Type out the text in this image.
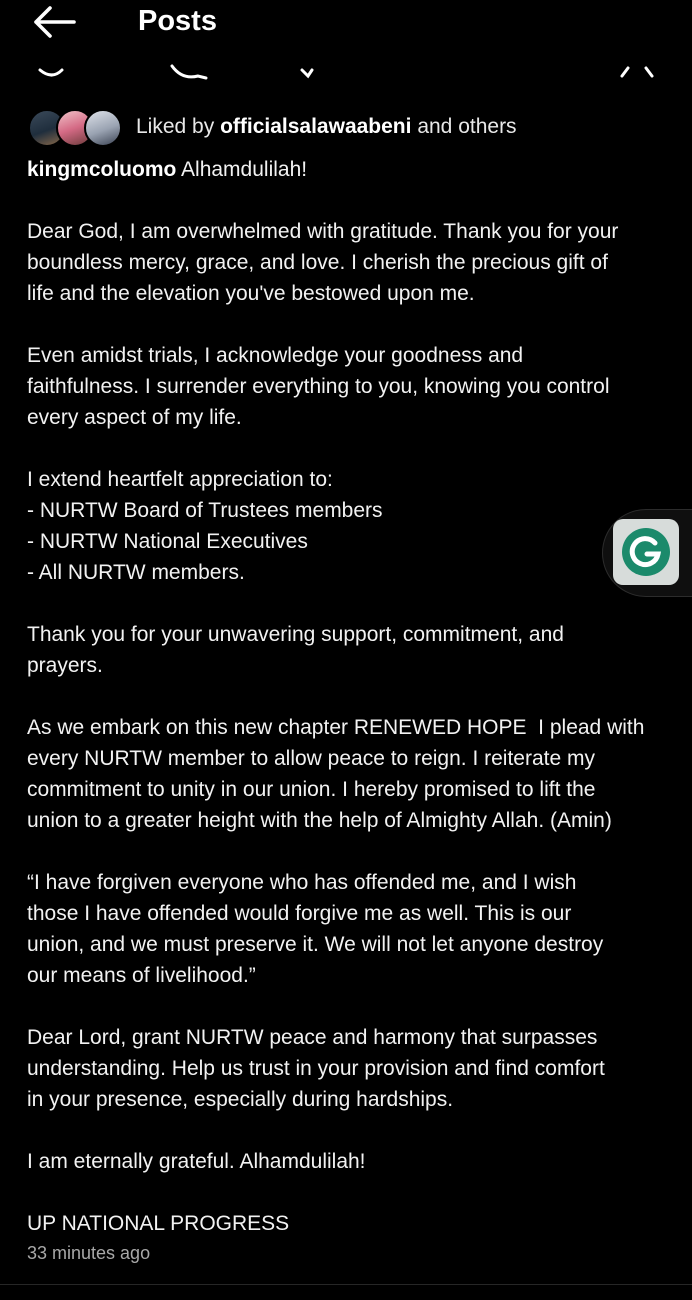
Posts
Liked by officialsalawaabeni and others

kingmcoluomo Alhamdulilah!

Dear God, I am overwhelmed with gratitude. Thank you for your
boundless mercy, grace, and love. I cherish the precious gift of
life and the elevation you've bestowed upon me.

Even amidst trials, I acknowledge your goodness and
faithfulness. I surrender everything to you, knowing you control
every aspect of my life.

I extend heartfelt appreciation to:
- NURTW Board of Trustees members
- NURTW National Executives
- All NURTW members.

Thank you for your unwavering support, commitment, and
prayers.

As we embark on this new chapter RENEWED HOPE  I plead with
every NURTW member to allow peace to reign. I reiterate my
commitment to unity in our union. I hereby promised to lift the
union to a greater height with the help of Almighty Allah. (Amin)

“I have forgiven everyone who has offended me, and I wish
those I have offended would forgive me as well. This is our
union, and we must preserve it. We will not let anyone destroy
our means of livelihood.”

Dear Lord, grant NURTW peace and harmony that surpasses
understanding. Help us trust in your provision and find comfort
in your presence, especially during hardships.

I am eternally grateful. Alhamdulilah!

UP NATIONAL PROGRESS

33 minutes ago
